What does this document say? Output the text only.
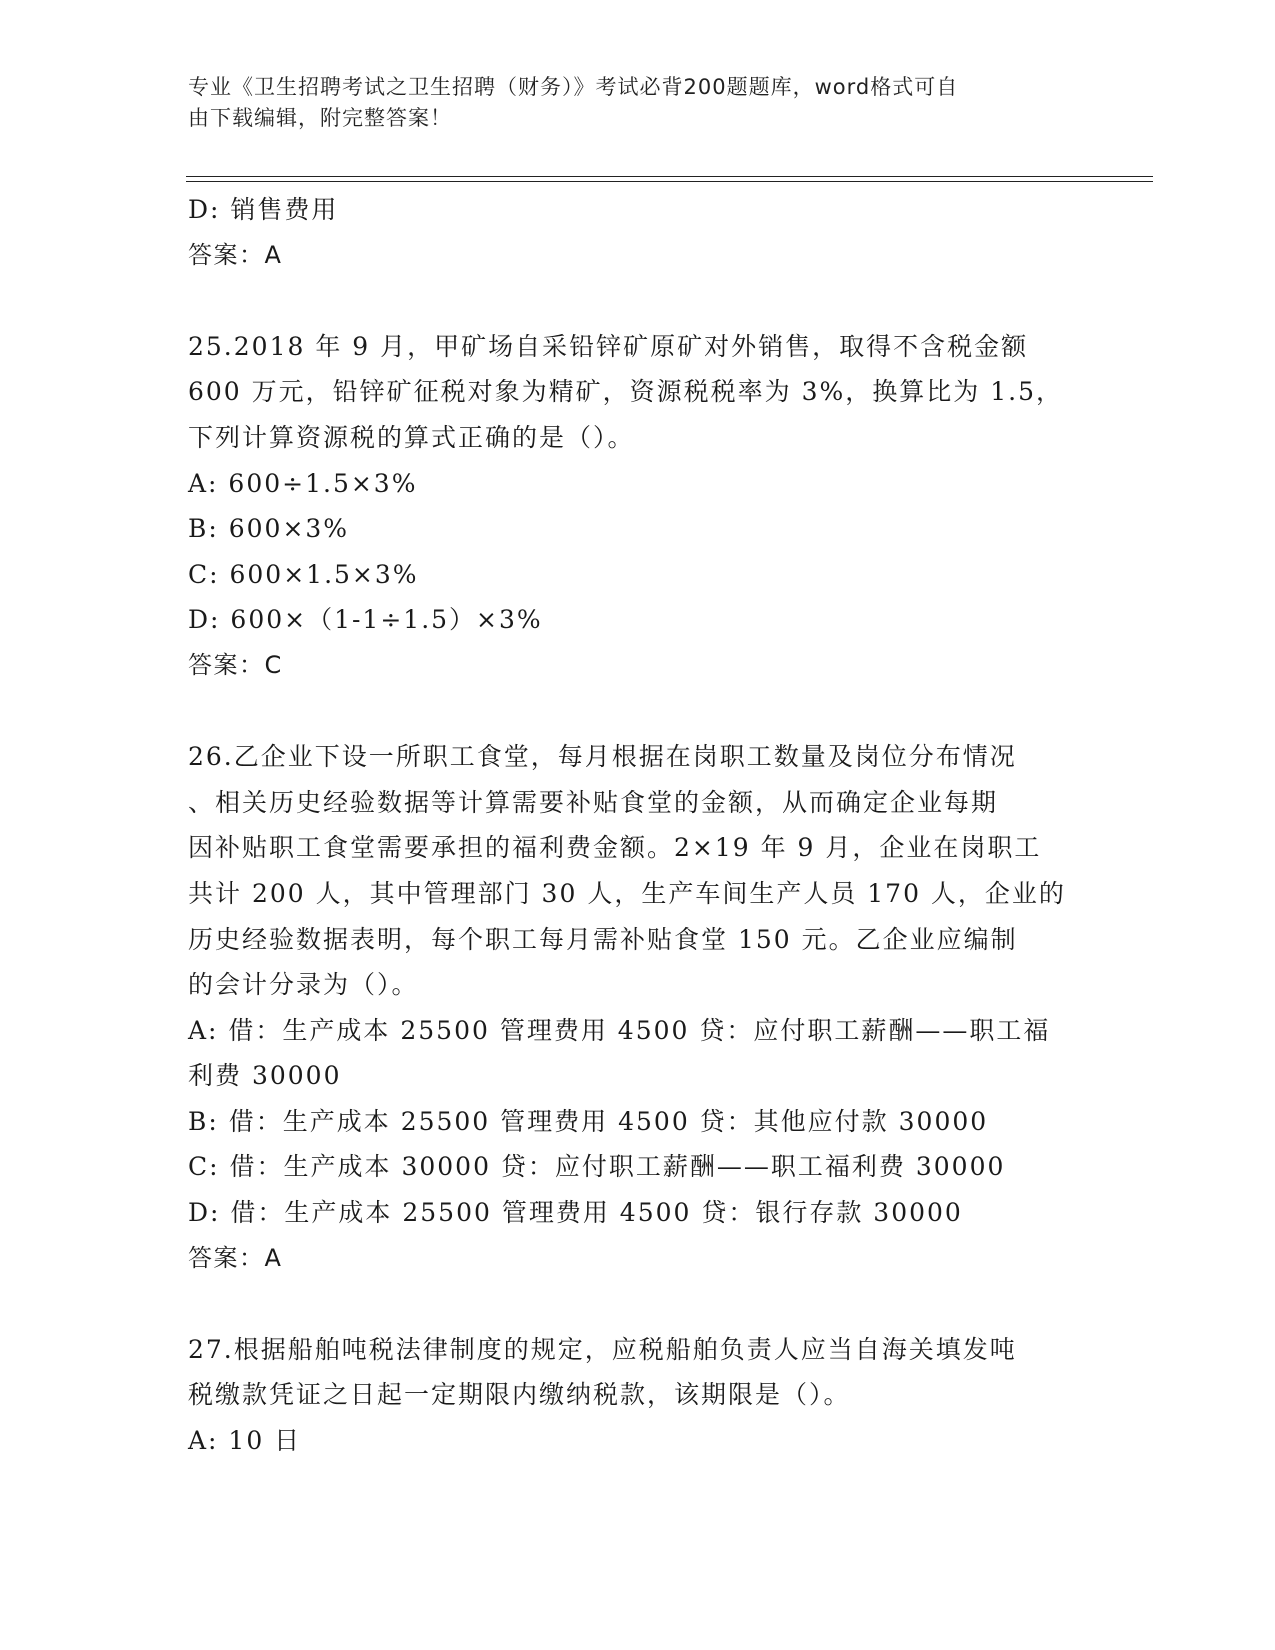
专业《卫生招聘考试之卫生招聘（财务）》考试必背200题题库，word格式可自
由下载编辑，附完整答案！
D: 销售费用
答案：A
25.2018 年 9 月，甲矿场自采铅锌矿原矿对外销售，取得不含税金额
600 万元，铅锌矿征税对象为精矿，资源税税率为 3%，换算比为 1.5，
下列计算资源税的算式正确的是（）。
A: 600÷1.5×3%
B: 600×3%
C: 600×1.5×3%
D: 600×（1-1÷1.5）×3%
答案：C
26.乙企业下设一所职工食堂，每月根据在岗职工数量及岗位分布情况
、相关历史经验数据等计算需要补贴食堂的金额，从而确定企业每期
因补贴职工食堂需要承担的福利费金额。2×19 年 9 月，企业在岗职工
共计 200 人，其中管理部门 30 人，生产车间生产人员 170 人，企业的
历史经验数据表明，每个职工每月需补贴食堂 150 元。乙企业应编制
的会计分录为（）。
A: 借：生产成本 25500 管理费用 4500 贷：应付职工薪酬——职工福
利费 30000
B: 借：生产成本 25500 管理费用 4500 贷：其他应付款 30000
C: 借：生产成本 30000 贷：应付职工薪酬——职工福利费 30000
D: 借：生产成本 25500 管理费用 4500 贷：银行存款 30000
答案：A
27.根据船舶吨税法律制度的规定，应税船舶负责人应当自海关填发吨
税缴款凭证之日起一定期限内缴纳税款，该期限是（）。
A: 10 日
